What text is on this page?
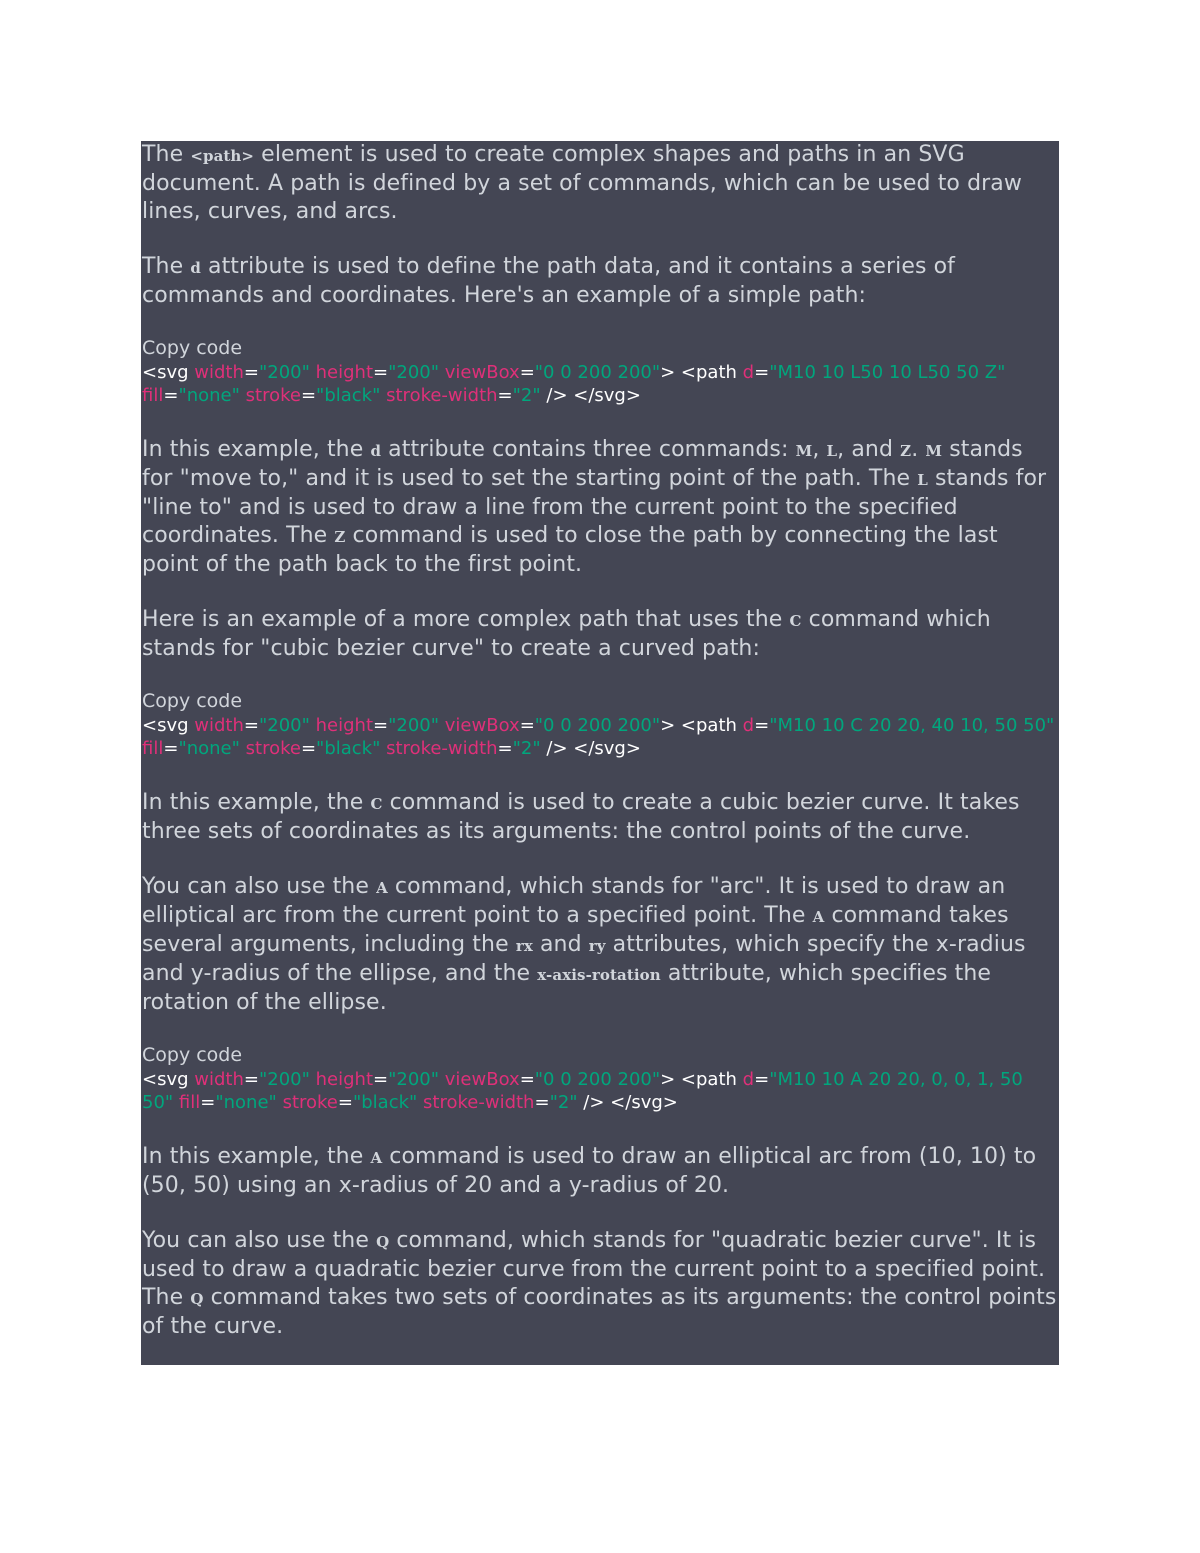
The <path> element is used to create complex shapes and paths in an SVG document. A path is defined by a set of commands, which can be used to draw lines, curves, and arcs.

The d attribute is used to define the path data, and it contains a series of commands and coordinates. Here's an example of a simple path:

Copy code
<svg width="200" height="200" viewBox="0 0 200 200"> <path d="M10 10 L50 10 L50 50 Z" fill="none" stroke="black" stroke-width="2" /> </svg>

In this example, the d attribute contains three commands: M, L, and Z. M stands for "move to," and it is used to set the starting point of the path. The L stands for "line to" and is used to draw a line from the current point to the specified coordinates. The Z command is used to close the path by connecting the last point of the path back to the first point.

Here is an example of a more complex path that uses the C command which stands for "cubic bezier curve" to create a curved path:

Copy code
<svg width="200" height="200" viewBox="0 0 200 200"> <path d="M10 10 C 20 20, 40 10, 50 50" fill="none" stroke="black" stroke-width="2" /> </svg>

In this example, the C command is used to create a cubic bezier curve. It takes three sets of coordinates as its arguments: the control points of the curve.

You can also use the A command, which stands for "arc". It is used to draw an elliptical arc from the current point to a specified point. The A command takes several arguments, including the rx and ry attributes, which specify the x-radius and y-radius of the ellipse, and the x-axis-rotation attribute, which specifies the rotation of the ellipse.

Copy code
<svg width="200" height="200" viewBox="0 0 200 200"> <path d="M10 10 A 20 20, 0, 0, 1, 50 50" fill="none" stroke="black" stroke-width="2" /> </svg>

In this example, the A command is used to draw an elliptical arc from (10, 10) to (50, 50) using an x-radius of 20 and a y-radius of 20.

You can also use the Q command, which stands for "quadratic bezier curve". It is used to draw a quadratic bezier curve from the current point to a specified point. The Q command takes two sets of coordinates as its arguments: the control points of the curve.
